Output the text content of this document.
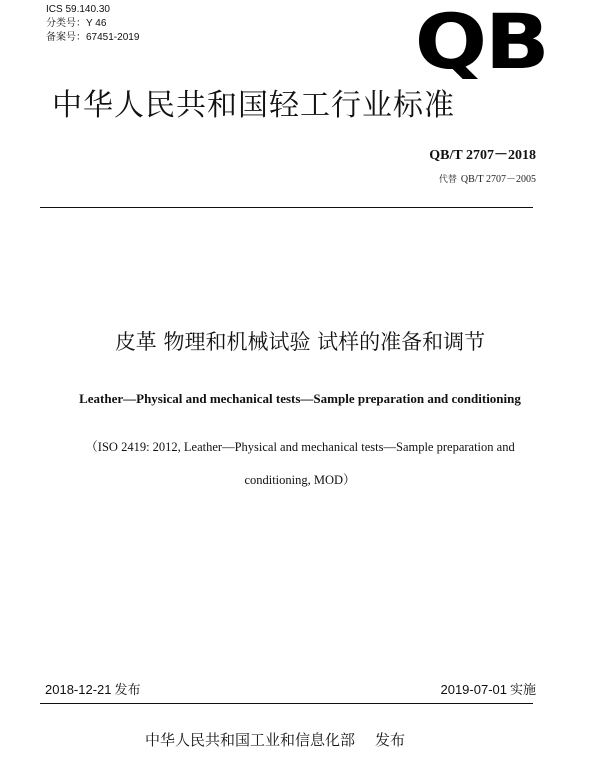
ICS 59.140.30
分类号：Y 46
备案号：67451-2019	QB
中华人民共和国轻工行业标准
QB/T 2707－2018
代替 QB/T 2707－2005
皮革 物理和机械试验 试样的准备和调节
Leather—Physical and mechanical tests—Sample preparation and conditioning
（ISO 2419: 2012, Leather—Physical and mechanical tests—Sample preparation and
conditioning, MOD）
2018-12-21 发布	2019-07-01 实施
中华人民共和国工业和信息化部 发布
